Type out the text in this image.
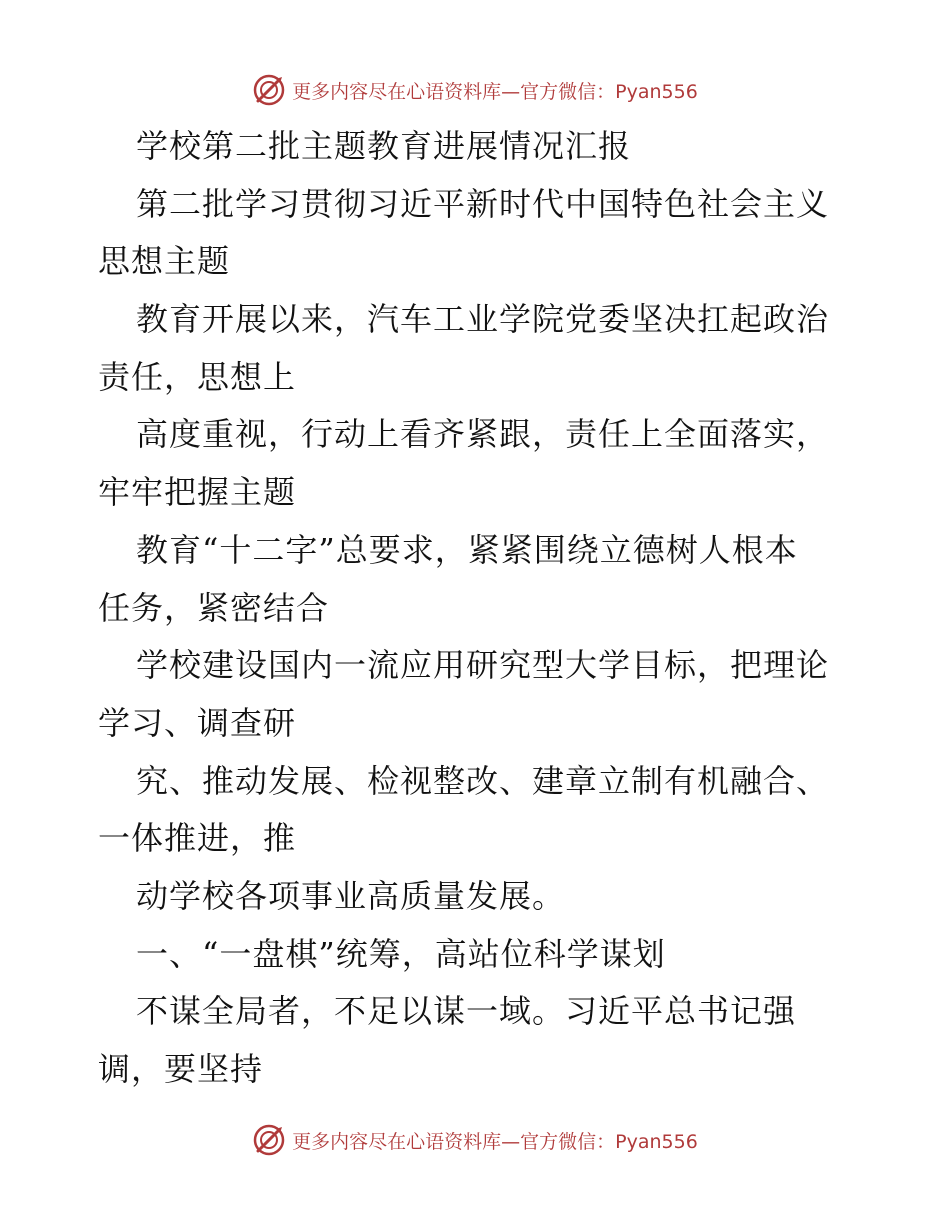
更多内容尽在心语资料库—官方微信：Pyan556
学校第二批主题教育进展情况汇报
第二批学习贯彻习近平新时代中国特色社会主义
思想主题
教育开展以来，汽车工业学院党委坚决扛起政治
责任，思想上
高度重视，行动上看齐紧跟，责任上全面落实，
牢牢把握主题
教育“十二字”总要求，紧紧围绕立德树人根本
任务，紧密结合
学校建设国内一流应用研究型大学目标，把理论
学习、调查研
究、推动发展、检视整改、建章立制有机融合、
一体推进，推
动学校各项事业高质量发展。
一、“一盘棋”统筹，高站位科学谋划
不谋全局者，不足以谋一域。习近平总书记强
调，要坚持
更多内容尽在心语资料库—官方微信：Pyan556
